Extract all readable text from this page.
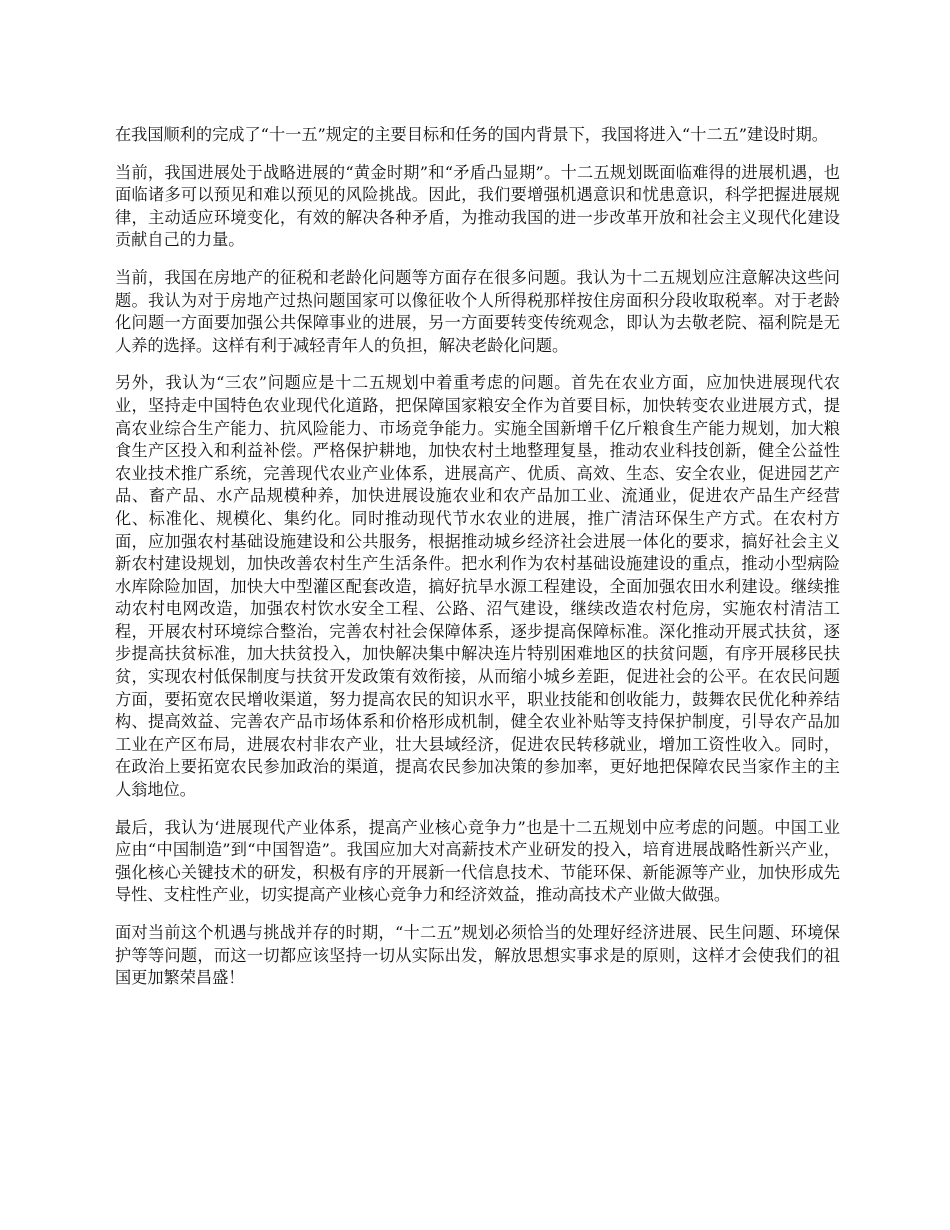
在我国顺利的完成了“十一五”规定的主要目标和任务的国内背景下，我国将进入“十二五”建设时期。

当前，我国进展处于战略进展的“黄金时期”和“矛盾凸显期”。十二五规划既面临难得的进展机遇，也面临诸多可以预见和难以预见的风险挑战。因此，我们要增强机遇意识和忧患意识，科学把握进展规律，主动适应环境变化，有效的解决各种矛盾，为推动我国的进一步改革开放和社会主义现代化建设贡献自己的力量。

当前，我国在房地产的征税和老龄化问题等方面存在很多问题。我认为十二五规划应注意解决这些问题。我认为对于房地产过热问题国家可以像征收个人所得税那样按住房面积分段收取税率。对于老龄化问题一方面要加强公共保障事业的进展，另一方面要转变传统观念，即认为去敬老院、福利院是无人养的选择。这样有利于减轻青年人的负担，解决老龄化问题。

另外，我认为“三农”问题应是十二五规划中着重考虑的问题。首先在农业方面，应加快进展现代农业，坚持走中国特色农业现代化道路，把保障国家粮安全作为首要目标，加快转变农业进展方式，提高农业综合生产能力、抗风险能力、市场竞争能力。实施全国新增千亿斤粮食生产能力规划，加大粮食生产区投入和利益补偿。严格保护耕地，加快农村土地整理复垦，推动农业科技创新，健全公益性农业技术推广系统，完善现代农业产业体系，进展高产、优质、高效、生态、安全农业，促进园艺产品、畜产品、水产品规模种养，加快进展设施农业和农产品加工业、流通业，促进农产品生产经营化、标准化、规模化、集约化。同时推动现代节水农业的进展，推广清洁环保生产方式。在农村方面，应加强农村基础设施建设和公共服务，根据推动城乡经济社会进展一体化的要求，搞好社会主义新农村建设规划，加快改善农村生产生活条件。把水利作为农村基础设施建设的重点，推动小型病险水库除险加固，加快大中型灌区配套改造，搞好抗旱水源工程建设，全面加强农田水利建设。继续推动农村电网改造，加强农村饮水安全工程、公路、沼气建设，继续改造农村危房，实施农村清洁工程，开展农村环境综合整治，完善农村社会保障体系，逐步提高保障标准。深化推动开展式扶贫，逐步提高扶贫标准，加大扶贫投入，加快解决集中解决连片特别困难地区的扶贫问题，有序开展移民扶贫，实现农村低保制度与扶贫开发政策有效衔接，从而缩小城乡差距，促进社会的公平。在农民问题方面，要拓宽农民增收渠道，努力提高农民的知识水平，职业技能和创收能力，鼓舞农民优化种养结构、提高效益、完善农产品市场体系和价格形成机制，健全农业补贴等支持保护制度，引导农产品加工业在产区布局，进展农村非农产业，壮大县域经济，促进农民转移就业，增加工资性收入。同时，在政治上要拓宽农民参加政治的渠道，提高农民参加决策的参加率，更好地把保障农民当家作主的主人翁地位。

最后，我认为‘进展现代产业体系，提高产业核心竞争力”也是十二五规划中应考虑的问题。中国工业应由“中国制造”到“中国智造”。我国应加大对高薪技术产业研发的投入，培育进展战略性新兴产业，强化核心关键技术的研发，积极有序的开展新一代信息技术、节能环保、新能源等产业，加快形成先导性、支柱性产业，切实提高产业核心竞争力和经济效益，推动高技术产业做大做强。

面对当前这个机遇与挑战并存的时期，“十二五”规划必须恰当的处理好经济进展、民生问题、环境保护等等问题，而这一切都应该坚持一切从实际出发，解放思想实事求是的原则，这样才会使我们的祖国更加繁荣昌盛！
